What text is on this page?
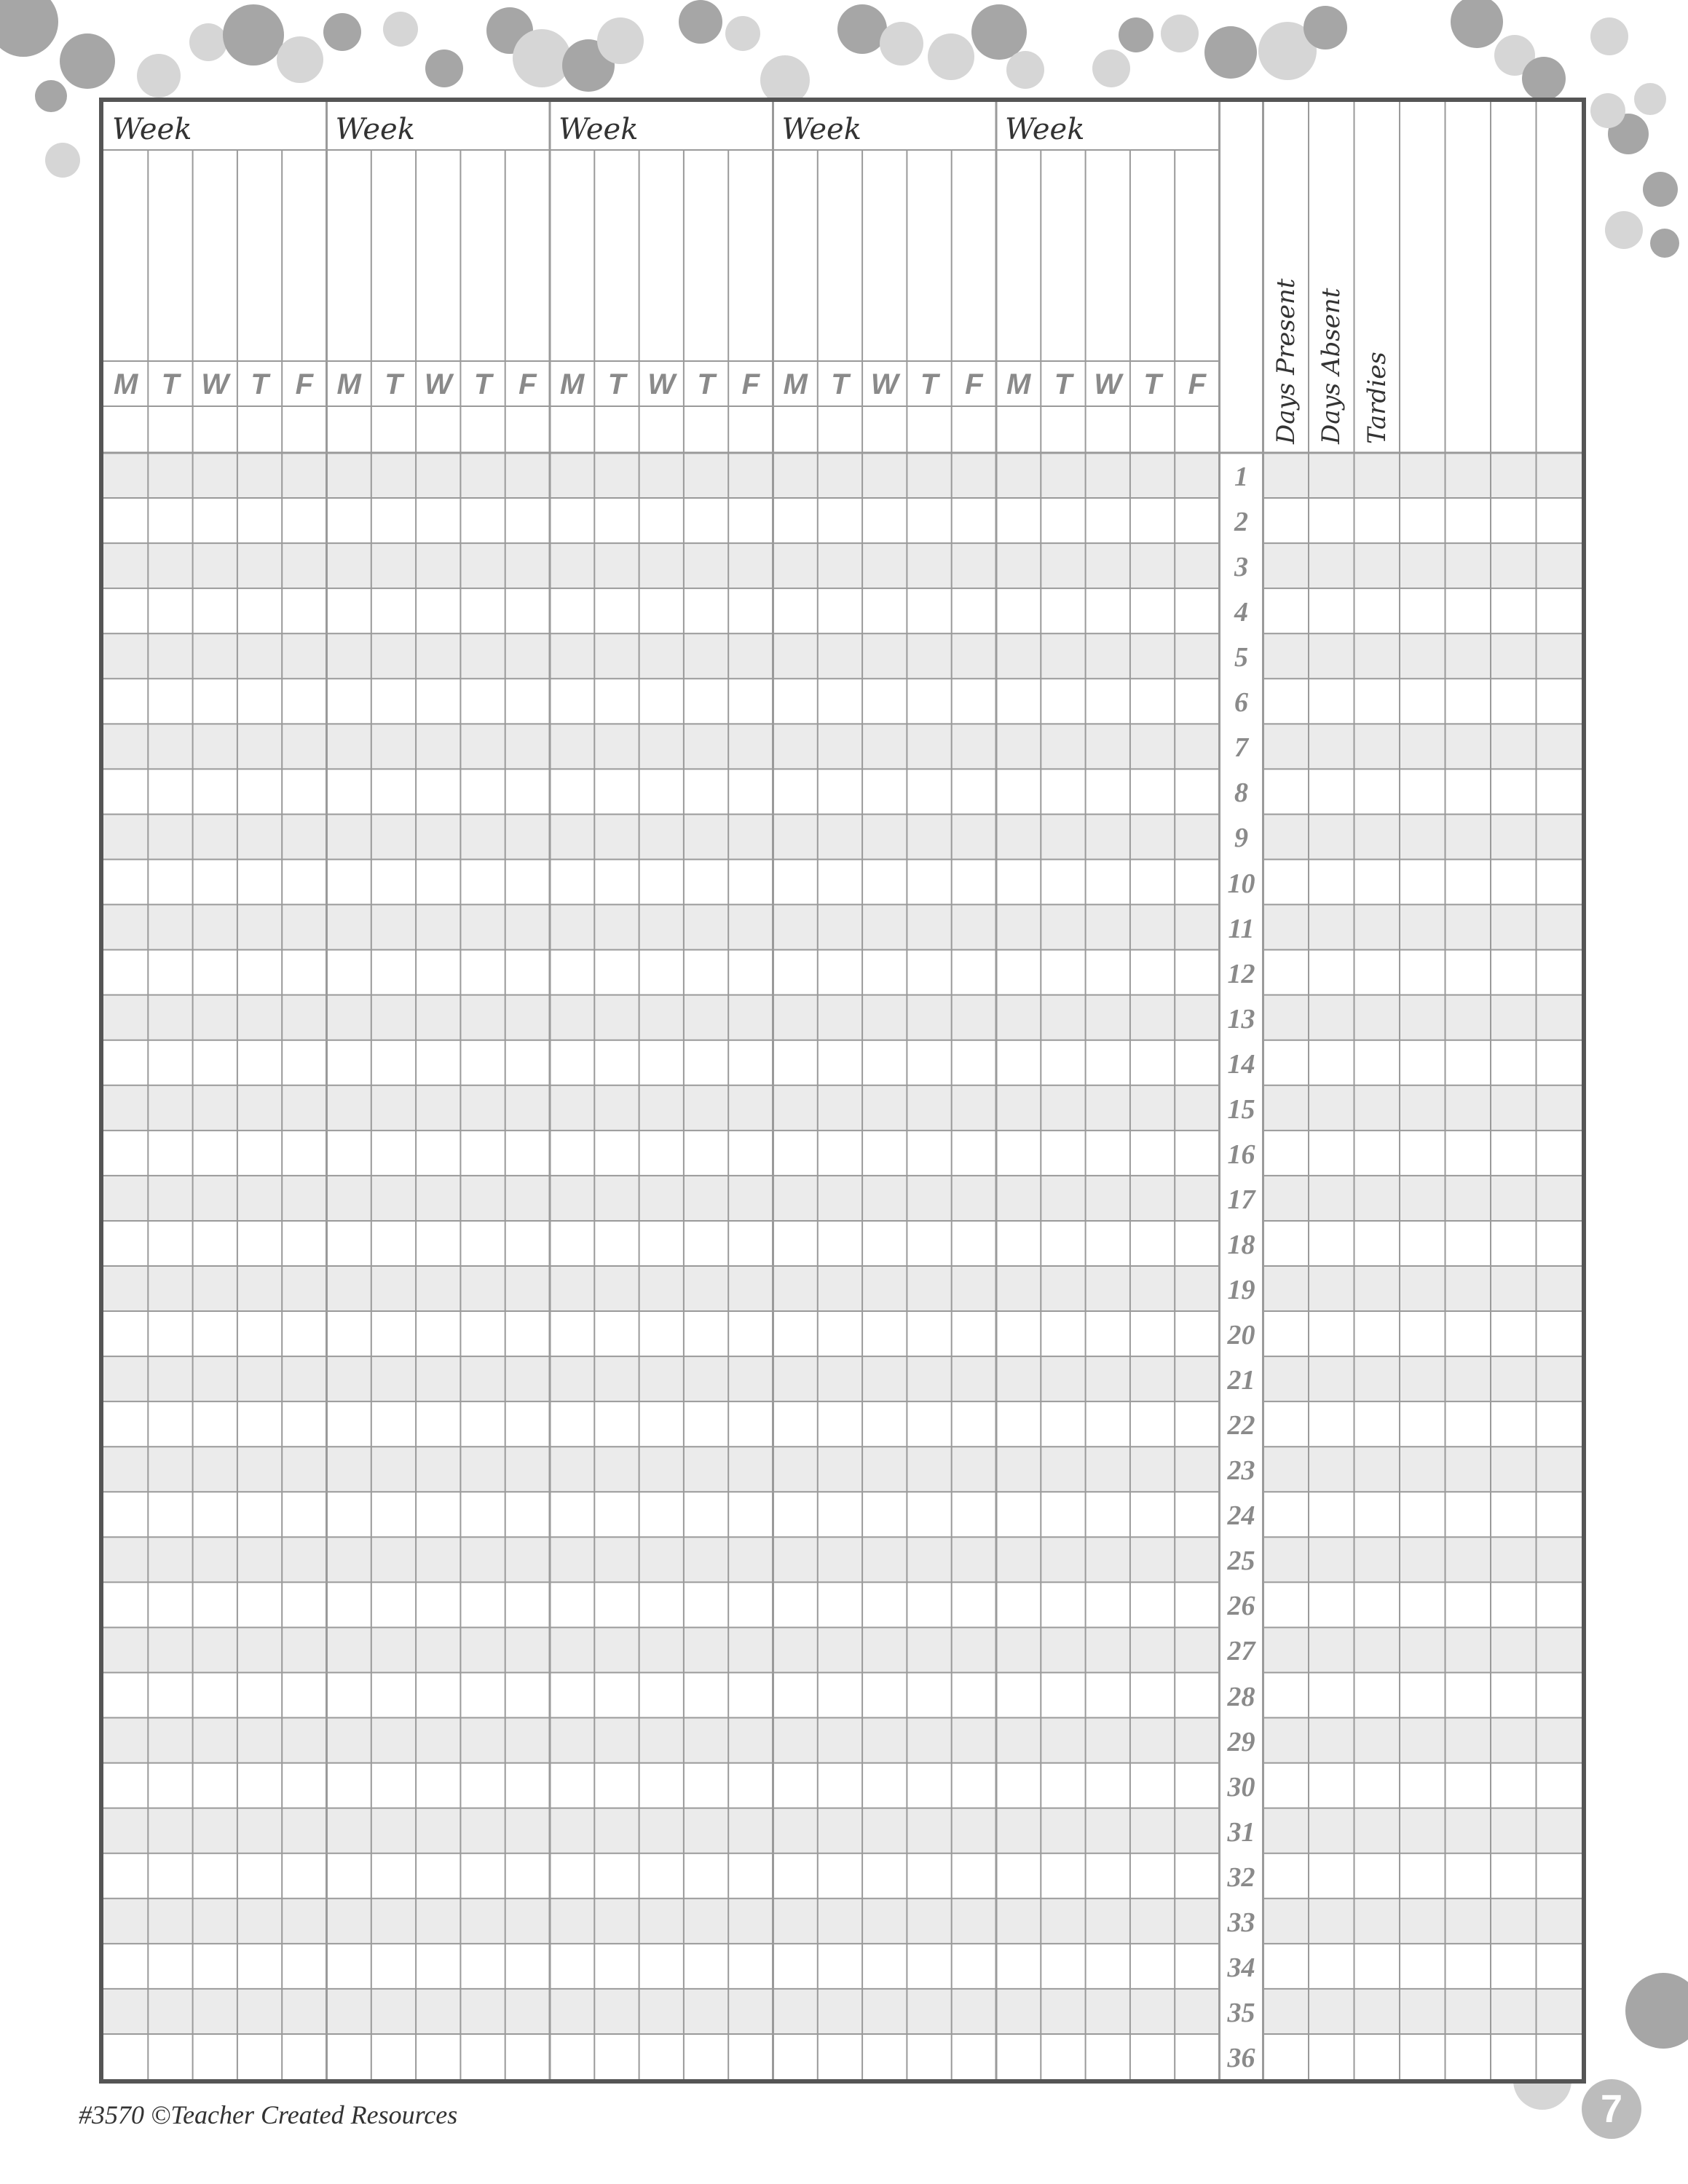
Week
M T W T F
Week
M T W T F
Week
M T W T F
Week
M T W T F
Week
M T W T F
1
2
3
4
5
6
7
8
9
10
11
12
13
14
15
16
17
18
19
20
21
22
23
24
25
26
27
28
29
30
31
32
33
34
35
36
Days Present Days Absent Tardies
#3570 ©Teacher Created Resources	7
